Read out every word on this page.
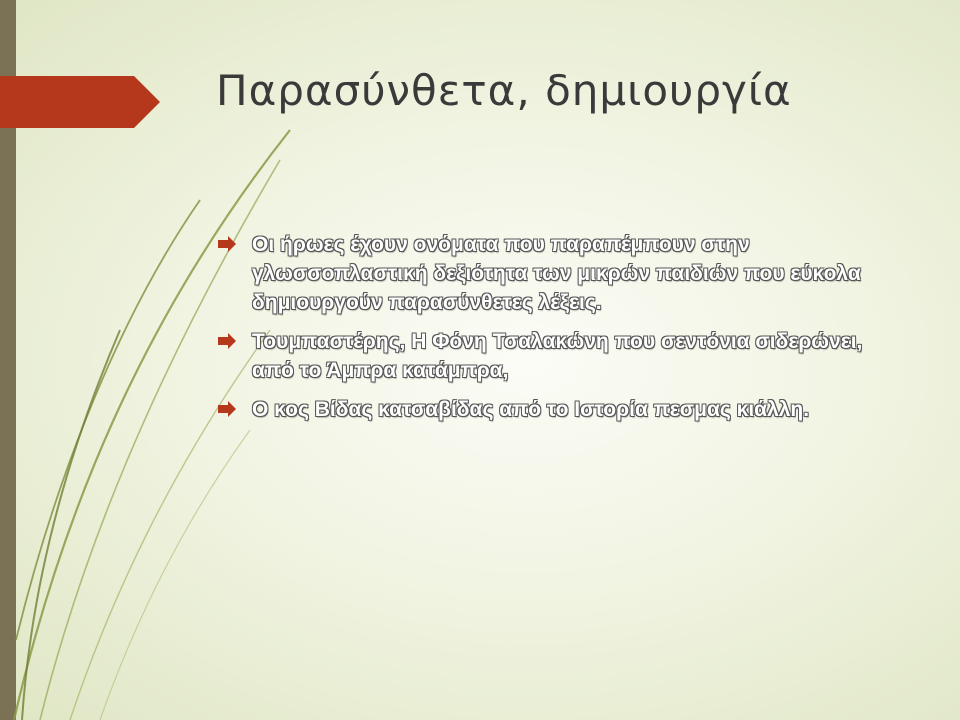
Παρασύνθετα, δημιουργία
Οι ήρωες έχουν ονόματα που παραπέμπουν στην γλωσσοπλαστική δεξιότητα των μικρών παιδιών που εύκολα δημιουργούν παρασύνθετες λέξεις.
Τουμπαστέρης, Η Φόνη Τσαλακώνη που σεντόνια σιδερώνει, από το Άμπρα κατάμπρα,
Ο κος Βίδας κατσαβίδας από το Ιστορία πεσμας κιάλλη.
